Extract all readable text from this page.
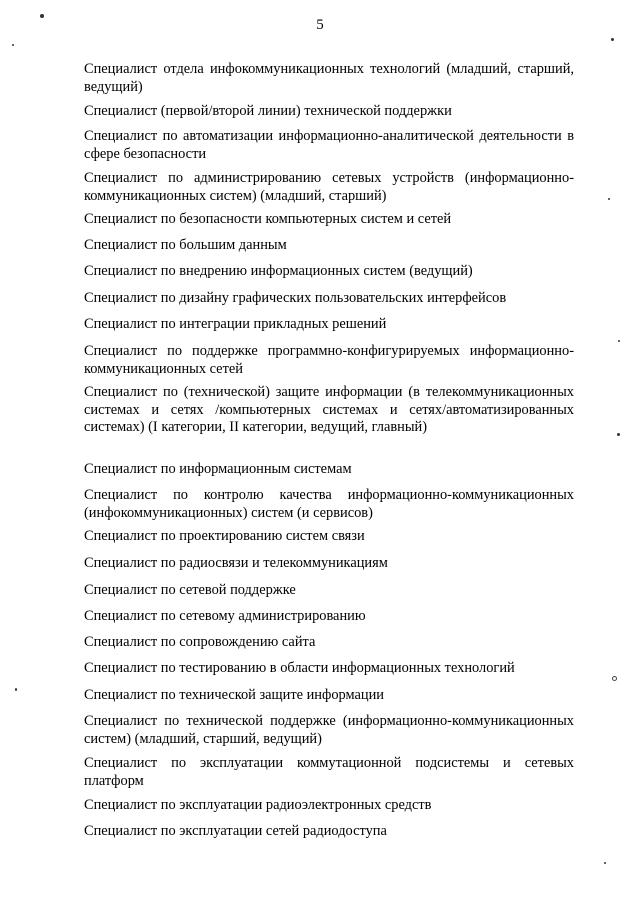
5
Специалист отдела инфокоммуникационных технологий (младший, старший, ведущий)
Специалист (первой/второй линии) технической поддержки
Специалист по автоматизации информационно-аналитической деятельности в сфере безопасности
Специалист по администрированию сетевых устройств (информационно-коммуникационных систем) (младший, старший)
Специалист по безопасности компьютерных систем и сетей
Специалист по большим данным
Специалист по внедрению информационных систем (ведущий)
Специалист по дизайну графических пользовательских интерфейсов
Специалист по интеграции прикладных решений
Специалист по поддержке программно-конфигурируемых информационно-коммуникационных сетей
Специалист по (технической) защите информации (в телекоммуникационных системах и сетях /компьютерных системах и сетях/автоматизированных системах) (I категории, II категории, ведущий, главный)
Специалист по информационным системам
Специалист по контролю качества информационно-коммуникационных (инфокоммуникационных) систем (и сервисов)
Специалист по проектированию систем связи
Специалист по радиосвязи и телекоммуникациям
Специалист по сетевой поддержке
Специалист по сетевому администрированию
Специалист по сопровождению сайта
Специалист по тестированию в области информационных технологий
Специалист по технической защите информации
Специалист по технической поддержке (информационно-коммуникационных систем) (младший, старший, ведущий)
Специалист по эксплуатации коммутационной подсистемы и сетевых платформ
Специалист по эксплуатации радиоэлектронных средств
Специалист по эксплуатации сетей радиодоступа
